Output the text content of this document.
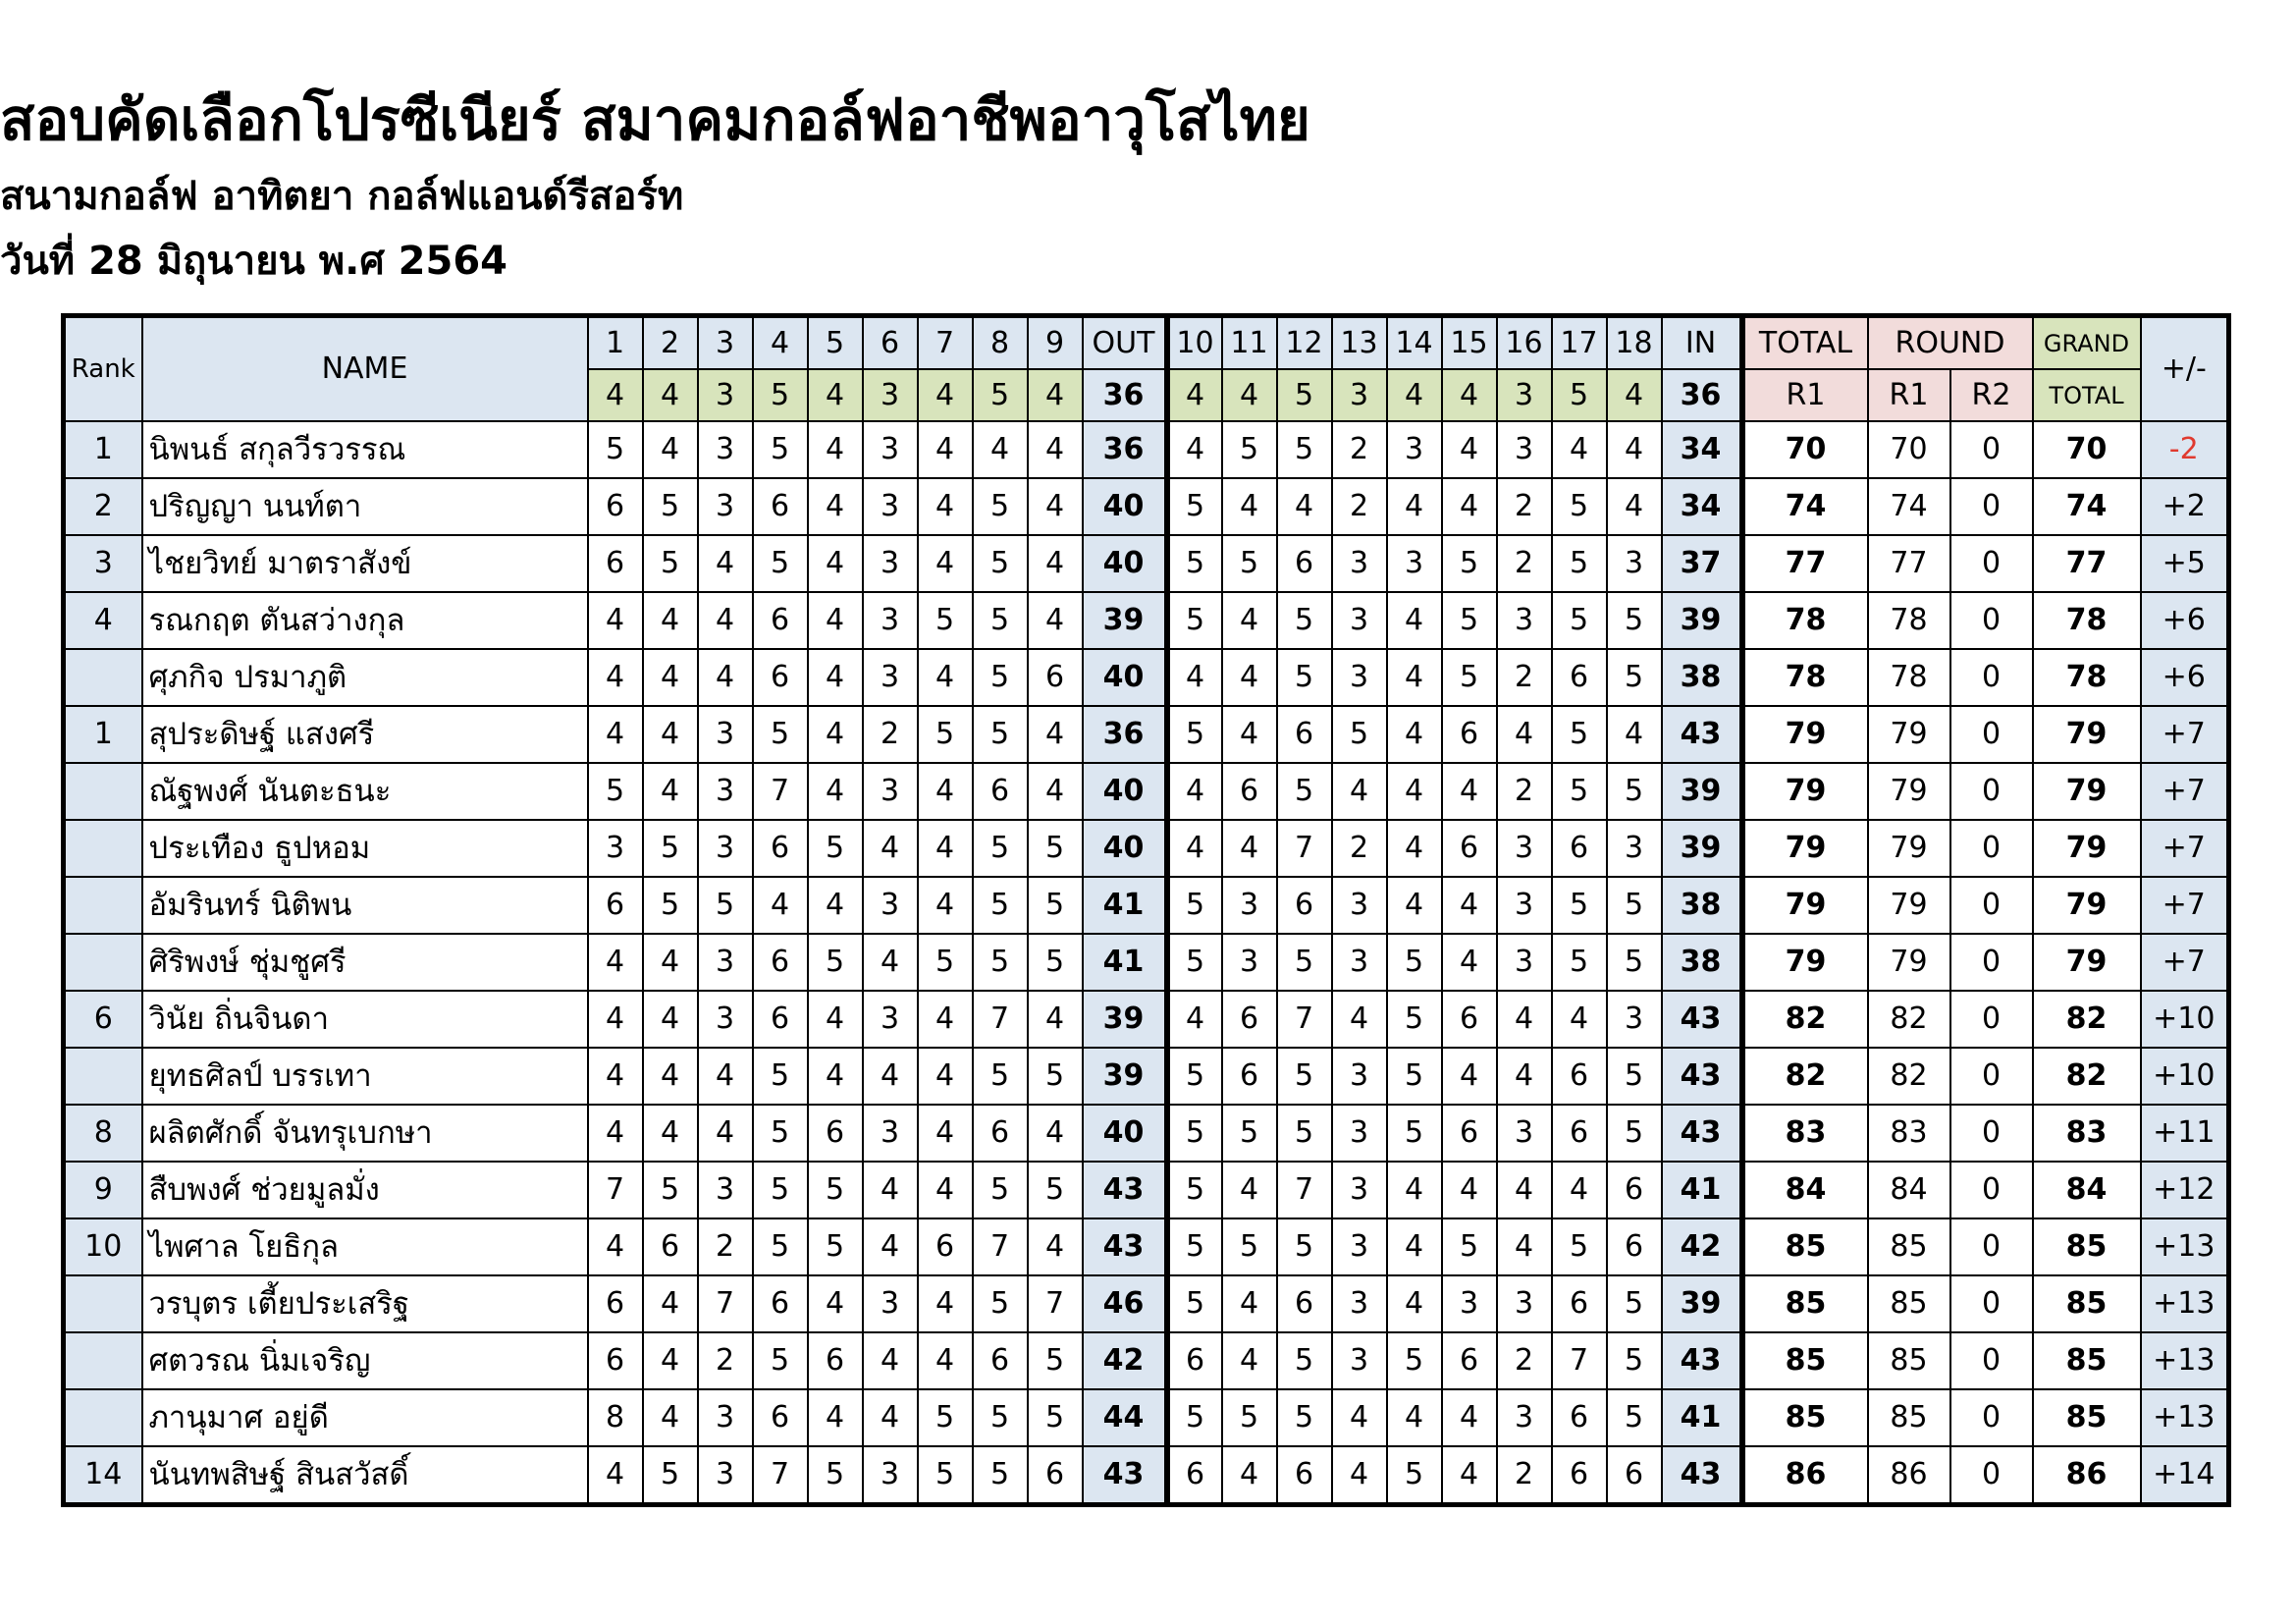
สอบคัดเลือกโปรซีเนียร์ สมาคมกอล์ฟอาชีพอาวุโสไทย
สนามกอล์ฟ อาทิตยา กอล์ฟแอนด์รีสอร์ท
วันที่ 28 มิถุนายน พ.ศ 2564
Rank	NAME	1	2	3	4	5	6	7	8	9	OUT	10	11	12	13	14	15	16	17	18	IN	TOTAL	ROUND		GRAND	+/-
		4	4	3	5	4	3	4	5	4	36	4	4	5	3	4	4	3	5	4	36	R1	R1	R2	TOTAL	
1	นิพนธ์ สกุลวีรวรรณ	5	4	3	5	4	3	4	4	4	36	4	5	5	2	3	4	3	4	4	34	70	70	0	70	-2
2	ปริญญา นนท์ตา	6	5	3	6	4	3	4	5	4	40	5	4	4	2	4	4	2	5	4	34	74	74	0	74	+2
3	ไชยวิทย์ มาตราสังข์	6	5	4	5	4	3	4	5	4	40	5	5	6	3	3	5	2	5	3	37	77	77	0	77	+5
4	รณกฤต ตันสว่างกุล	4	4	4	6	4	3	5	5	4	39	5	4	5	3	4	5	3	5	5	39	78	78	0	78	+6
	ศุภกิจ ปรมาภูติ	4	4	4	6	4	3	4	5	6	40	4	4	5	3	4	5	2	6	5	38	78	78	0	78	+6
1	สุประดิษฐ์ แสงศรี	4	4	3	5	4	2	5	5	4	36	5	4	6	5	4	6	4	5	4	43	79	79	0	79	+7
	ณัฐพงศ์ นันตะธนะ	5	4	3	7	4	3	4	6	4	40	4	6	5	4	4	4	2	5	5	39	79	79	0	79	+7
	ประเทือง ธูปหอม	3	5	3	6	5	4	4	5	5	40	4	4	7	2	4	6	3	6	3	39	79	79	0	79	+7
	อัมรินทร์ นิติพน	6	5	5	4	4	3	4	5	5	41	5	3	6	3	4	4	3	5	5	38	79	79	0	79	+7
	ศิริพงษ์ ชุ่มชูศรี	4	4	3	6	5	4	5	5	5	41	5	3	5	3	5	4	3	5	5	38	79	79	0	79	+7
6	วินัย ถิ่นจินดา	4	4	3	6	4	3	4	7	4	39	4	6	7	4	5	6	4	4	3	43	82	82	0	82	+10
	ยุทธศิลป์ บรรเทา	4	4	4	5	4	4	4	5	5	39	5	6	5	3	5	4	4	6	5	43	82	82	0	82	+10
8	ผลิตศักดิ์ จันทรุเบกษา	4	4	4	5	6	3	4	6	4	40	5	5	5	3	5	6	3	6	5	43	83	83	0	83	+11
9	สืบพงศ์ ช่วยมูลมั่ง	7	5	3	5	5	4	4	5	5	43	5	4	7	3	4	4	4	4	6	41	84	84	0	84	+12
10	ไพศาล โยธิกุล	4	6	2	5	5	4	6	7	4	43	5	5	5	3	4	5	4	5	6	42	85	85	0	85	+13
	วรบุตร เตี้ยประเสริฐ	6	4	7	6	4	3	4	5	7	46	5	4	6	3	4	3	3	6	5	39	85	85	0	85	+13
	ศตวรณ นิ่มเจริญ	6	4	2	5	6	4	4	6	5	42	6	4	5	3	5	6	2	7	5	43	85	85	0	85	+13
	ภานุมาศ อยู่ดี	8	4	3	6	4	4	5	5	5	44	5	5	5	4	4	4	3	6	5	41	85	85	0	85	+13
14	นันทพสิษฐ์ สินสวัสดิ์	4	5	3	7	5	3	5	5	6	43	6	4	6	4	5	4	2	6	6	43	86	86	0	86	+14
